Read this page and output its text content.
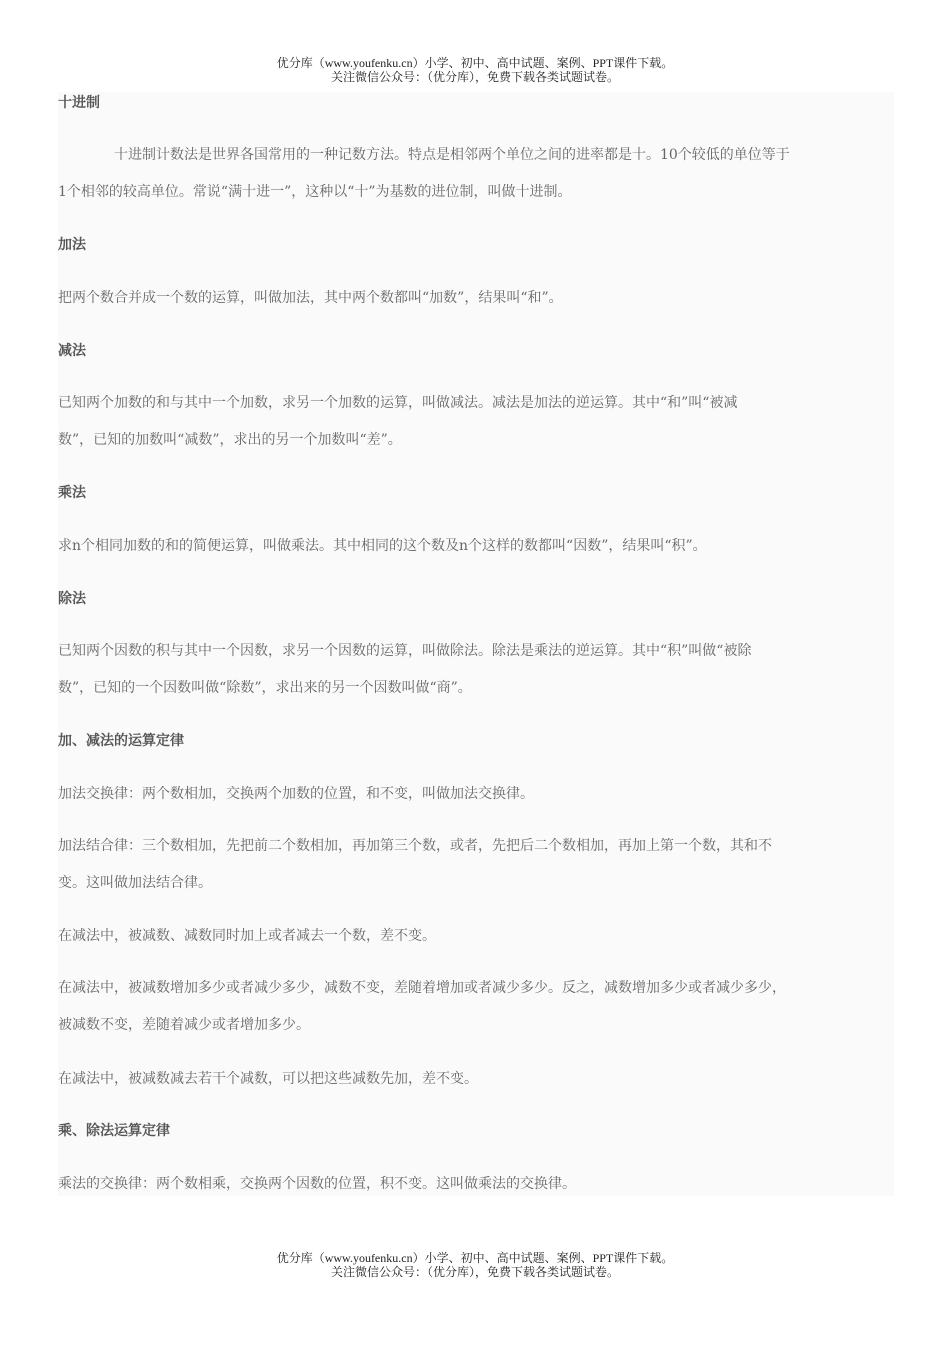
优分库（www.youfenku.cn）小学、初中、高中试题、案例、PPT课件下载。
关注微信公众号：（优分库），免费下载各类试题试卷。
十进制
十进制计数法是世界各国常用的一种记数方法。特点是相邻两个单位之间的进率都是十。10个较低的单位等于
1个相邻的较高单位。常说“满十进一”，这种以“十”为基数的进位制，叫做十进制。
加法
把两个数合并成一个数的运算，叫做加法，其中两个数都叫“加数”，结果叫“和”。
减法
已知两个加数的和与其中一个加数，求另一个加数的运算，叫做减法。减法是加法的逆运算。其中“和”叫“被减
数”，已知的加数叫“减数”，求出的另一个加数叫“差”。
乘法
求n个相同加数的和的简便运算，叫做乘法。其中相同的这个数及n个这样的数都叫“因数”，结果叫“积”。
除法
已知两个因数的积与其中一个因数，求另一个因数的运算，叫做除法。除法是乘法的逆运算。其中“积”叫做“被除
数”，已知的一个因数叫做“除数”，求出来的另一个因数叫做“商”。
加、减法的运算定律
加法交换律：两个数相加，交换两个加数的位置，和不变，叫做加法交换律。
加法结合律：三个数相加，先把前二个数相加，再加第三个数，或者，先把后二个数相加，再加上第一个数，其和不
变。这叫做加法结合律。
在减法中，被减数、减数同时加上或者减去一个数，差不变。
在减法中，被减数增加多少或者减少多少，减数不变，差随着增加或者减少多少。反之，减数增加多少或者减少多少，
被减数不变，差随着减少或者增加多少。
在减法中，被减数减去若干个减数，可以把这些减数先加，差不变。
乘、除法运算定律
乘法的交换律：两个数相乘，交换两个因数的位置，积不变。这叫做乘法的交换律。
优分库（www.youfenku.cn）小学、初中、高中试题、案例、PPT课件下载。
关注微信公众号：（优分库），免费下载各类试题试卷。
